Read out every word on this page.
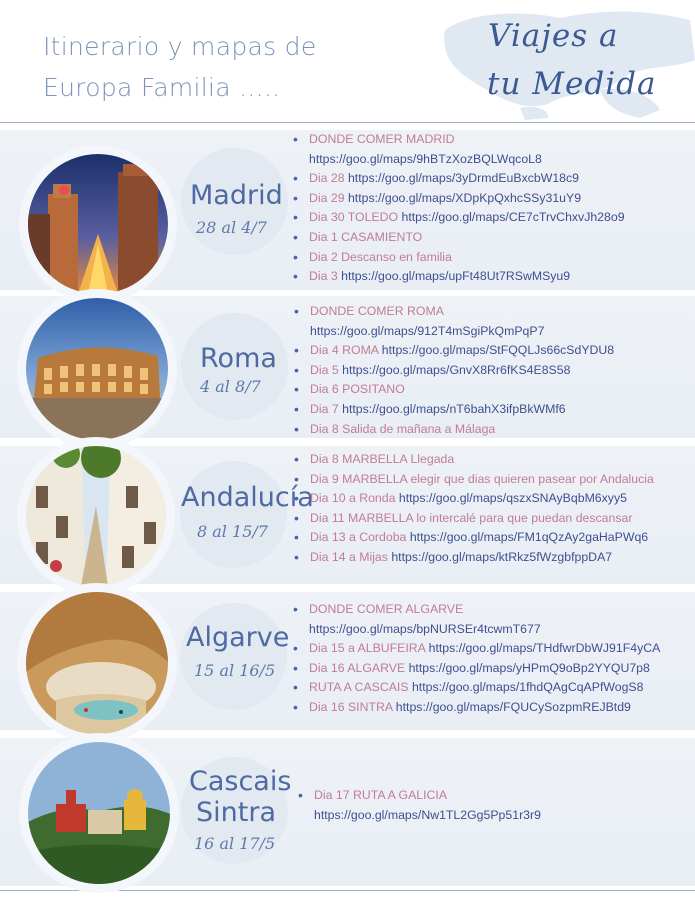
Itinerario y mapas de
Europa Familia .....
Viajes a
tu Medida
Madrid
28 al 4/7
• DONDE COMER MADRID
https://goo.gl/maps/9hBTzXozBQLWqcoL8
• Dia 28 https://goo.gl/maps/3yDrmdEuBxcbW18c9
• Dia 29 https://goo.gl/maps/XDpKpQxhcSSy31uY9
• Dia 30 TOLEDO https://goo.gl/maps/CE7cTrvChxvJh28o9
• Dia 1 CASAMIENTO
• Dia 2 Descanso en familia
• Dia 3 https://goo.gl/maps/upFt48Ut7RSwMSyu9
Roma
4 al 8/7
• DONDE COMER ROMA
https://goo.gl/maps/912T4mSgiPkQmPqP7
• Dia 4 ROMA https://goo.gl/maps/StFQQLJs66cSdYDU8
• Dia 5 https://goo.gl/maps/GnvX8Rr6fKS4E8S58
• Dia 6 POSITANO
• Dia 7 https://goo.gl/maps/nT6bahX3ifpBkWMf6
• Dia 8 Salida de mañana a Málaga
Andalucía
8 al 15/7
• Dia 8 MARBELLA Llegada
• Dia 9 MARBELLA elegir que dias quieren pasear por Andalucia
• Dia 10 a Ronda https://goo.gl/maps/qszxSNAyBqbM6xyy5
• Dia 11 MARBELLA lo intercalé para que puedan descansar
• Dia 13 a Cordoba https://goo.gl/maps/FM1qQzAy2gaHaPWq6
• Dia 14 a Mijas https://goo.gl/maps/ktRkz5fWzgbfppDA7
Algarve
15 al 16/5
• DONDE COMER ALGARVE
https://goo.gl/maps/bpNURSEr4tcwmT677
• Dia 15 a ALBUFEIRA https://goo.gl/maps/THdfwrDbWJ91F4yCA
• Dia 16 ALGARVE https://goo.gl/maps/yHPmQ9oBp2YYQU7p8
• RUTA A CASCAIS https://goo.gl/maps/1fhdQAgCqAPfWogS8
• Dia 16 SINTRA https://goo.gl/maps/FQUCySozpmREJBtd9
Cascais
Sintra
16 al 17/5
• Dia 17 RUTA A GALICIA
https://goo.gl/maps/Nw1TL2Gg5Pp51r3r9
